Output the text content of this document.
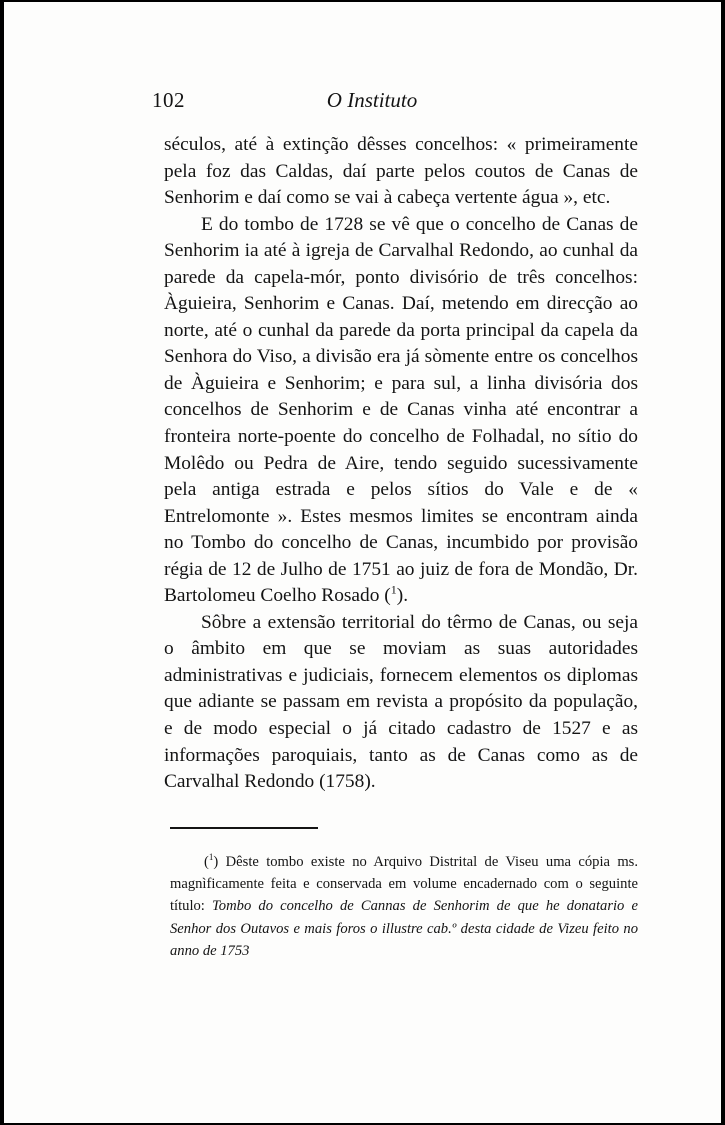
102	O Instituto

séculos, até à extinção dêsses concelhos: « primeiramente pela foz das Caldas, daí parte pelos coutos de Canas de Senhorim e daí como se vai à cabeça vertente água », etc.

E do tombo de 1728 se vê que o concelho de Canas de Senhorim ia até à igreja de Carvalhal Redondo, ao cunhal da parede da capela-mór, ponto divisório de três concelhos: Àguieira, Senhorim e Canas. Daí, metendo em direcção ao norte, até o cunhal da parede da porta principal da capela da Senhora do Viso, a divisão era já sòmente entre os concelhos de Àguieira e Senhorim; e para sul, a linha divisória dos concelhos de Senhorim e de Canas vinha até encontrar a fronteira norte-poente do concelho de Folhadal, no sítio do Molêdo ou Pedra de Aire, tendo seguido sucessivamente pela antiga estrada e pelos sítios do Vale e de « Entrelomonte ». Estes mesmos limites se encontram ainda no Tombo do concelho de Canas, incumbido por provisão régia de 12 de Julho de 1751 ao juiz de fora de Mondão, Dr. Bartolomeu Coelho Rosado ($^1$).

Sôbre a extensão territorial do têrmo de Canas, ou seja o âmbito em que se moviam as suas autoridades administrativas e judiciais, fornecem elementos os diplomas que adiante se passam em revista a propósito da população, e de modo especial o já citado cadastro de 1527 e as informações paroquiais, tanto as de Canas como as de Carvalhal Redondo (1758).

($^1$) Dêste tombo existe no Arquivo Distrital de Viseu uma cópia ms. magnìficamente feita e conservada em volume encadernado com o seguinte título: Tombo do concelho de Cannas de Senhorim de que he donatario e Senhor dos Outavos e mais foros o illustre cab.º desta cidade de Vizeu feito no anno de 1753
